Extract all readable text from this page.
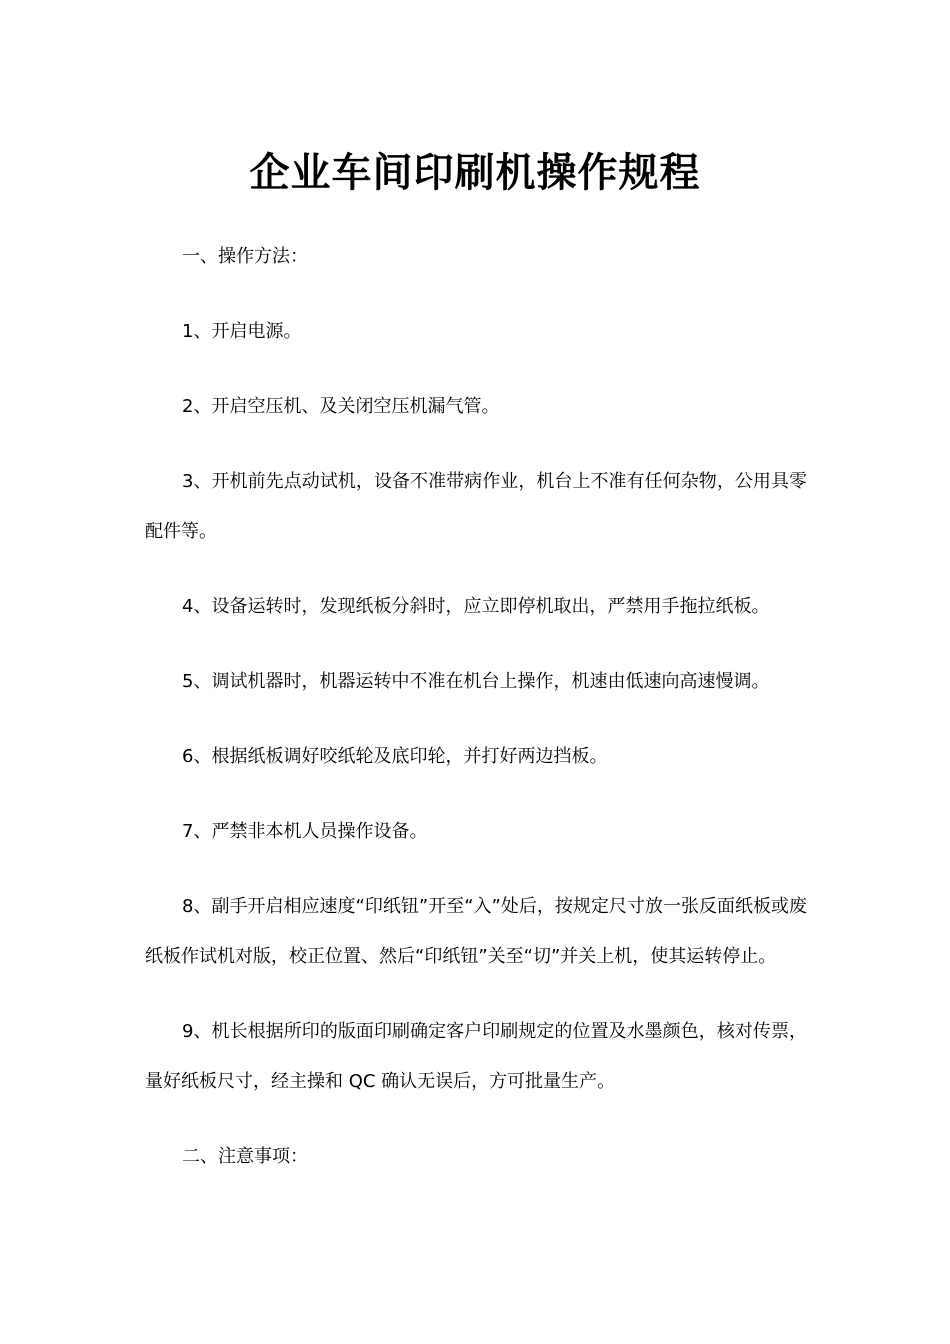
企业车间印刷机操作规程

一、操作方法：

1、开启电源。

2、开启空压机、及关闭空压机漏气管。

3、开机前先点动试机，设备不准带病作业，机台上不准有任何杂物，公用具零配件等。

4、设备运转时，发现纸板分斜时，应立即停机取出，严禁用手拖拉纸板。

5、调试机器时，机器运转中不准在机台上操作，机速由低速向高速慢调。

6、根据纸板调好咬纸轮及底印轮，并打好两边挡板。

7、严禁非本机人员操作设备。

8、副手开启相应速度“印纸钮”开至“入”处后，按规定尺寸放一张反面纸板或废纸板作试机对版，校正位置、然后“印纸钮”关至“切”并关上机，使其运转停止。

9、机长根据所印的版面印刷确定客户印刷规定的位置及水墨颜色，核对传票，量好纸板尺寸，经主操和 QC 确认无误后，方可批量生产。

二、注意事项：
